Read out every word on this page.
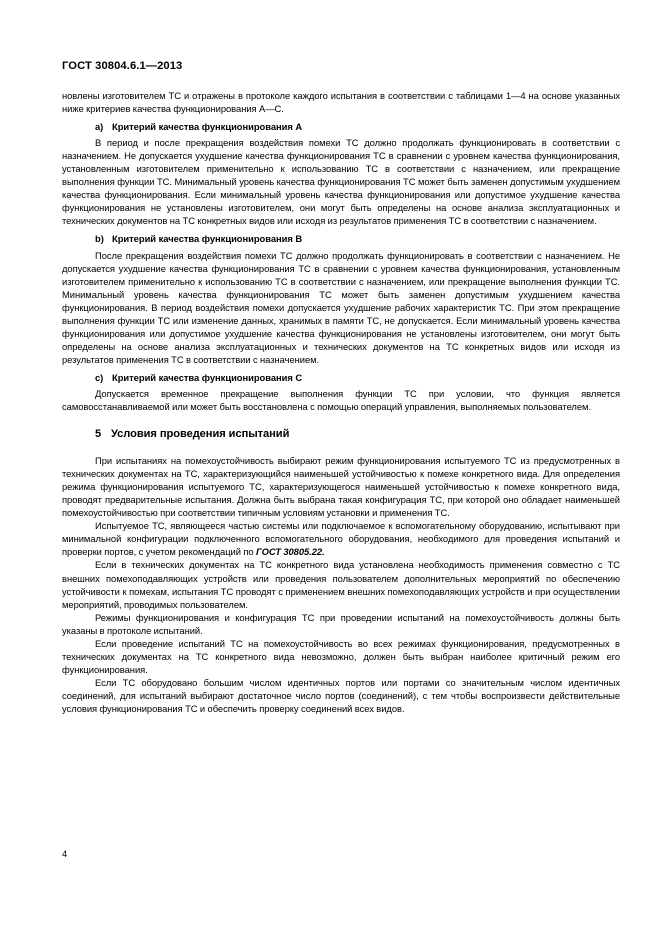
ГОСТ 30804.6.1—2013

новлены изготовителем ТС и отражены в протоколе каждого испытания в соответствии с таблицами 1—4 на основе указанных ниже критериев качества функционирования А—С.

a) Критерий качества функционирования А

В период и после прекращения воздействия помехи ТС должно продолжать функционировать в соответствии с назначением. Не допускается ухудшение качества функционирования ТС в сравнении с уровнем качества функционирования, установленным изготовителем применительно к использованию ТС в соответствии с назначением, или прекращение выполнения функции ТС. Минимальный уровень качества функционирования ТС может быть заменен допустимым ухудшением качества функционирования. Если минимальный уровень качества функционирования или допустимое ухудшение качества функционирования не установлены изготовителем, они могут быть определены на основе анализа эксплуатационных и технических документов на ТС конкретных видов или исходя из результатов применения ТС в соответствии с назначением.

b) Критерий качества функционирования В

После прекращения воздействия помехи ТС должно продолжать функционировать в соответствии с назначением. Не допускается ухудшение качества функционирования ТС в сравнении с уровнем качества функционирования, установленным изготовителем применительно к использованию ТС в соответствии с назначением, или прекращение выполнения функции ТС. Минимальный уровень качества функционирования ТС может быть заменен допустимым ухудшением качества функционирования. В период воздействия помехи допускается ухудшение рабочих характеристик ТС. При этом прекращение выполнения функции ТС или изменение данных, хранимых в памяти ТС, не допускается. Если минимальный уровень качества функционирования или допустимое ухудшение качества функционирования не установлены изготовителем, они могут быть определены на основе анализа эксплуатационных и технических документов на ТС конкретных видов или исходя из результатов применения ТС в соответствии с назначением.

c) Критерий качества функционирования С

Допускается временное прекращение выполнения функции ТС при условии, что функция является самовосстанавливаемой или может быть восстановлена с помощью операций управления, выполняемых пользователем.

5 Условия проведения испытаний

При испытаниях на помехоустойчивость выбирают режим функционирования испытуемого ТС из предусмотренных в технических документах на ТС, характеризующийся наименьшей устойчивостью к помехе конкретного вида. Для определения режима функционирования испытуемого ТС, характеризующегося наименьшей устойчивостью к помехе конкретного вида, проводят предварительные испытания. Должна быть выбрана такая конфигурация ТС, при которой оно обладает наименьшей помехоустойчивостью при соответствии типичным условиям установки и применения ТС.

Испытуемое ТС, являющееся частью системы или подключаемое к вспомогательному оборудованию, испытывают при минимальной конфигурации подключенного вспомогательного оборудования, необходимого для проведения испытаний и проверки портов, с учетом рекомендаций по ГОСТ 30805.22.

Если в технических документах на ТС конкретного вида установлена необходимость применения совместно с ТС внешних помехоподавляющих устройств или проведения пользователем дополнительных мероприятий по обеспечению устойчивости к помехам, испытания ТС проводят с применением внешних помехоподавляющих устройств и при осуществлении мероприятий, проводимых пользователем.

Режимы функционирования и конфигурация ТС при проведении испытаний на помехоустойчивость должны быть указаны в протоколе испытаний.

Если проведение испытаний ТС на помехоустойчивость во всех режимах функционирования, предусмотренных в технических документах на ТС конкретного вида невозможно, должен быть выбран наиболее критичный режим его функционирования.

Если ТС оборудовано большим числом идентичных портов или портами со значительным числом идентичных соединений, для испытаний выбирают достаточное число портов (соединений), с тем чтобы воспроизвести действительные условия функционирования ТС и обеспечить проверку соединений всех видов.

4
